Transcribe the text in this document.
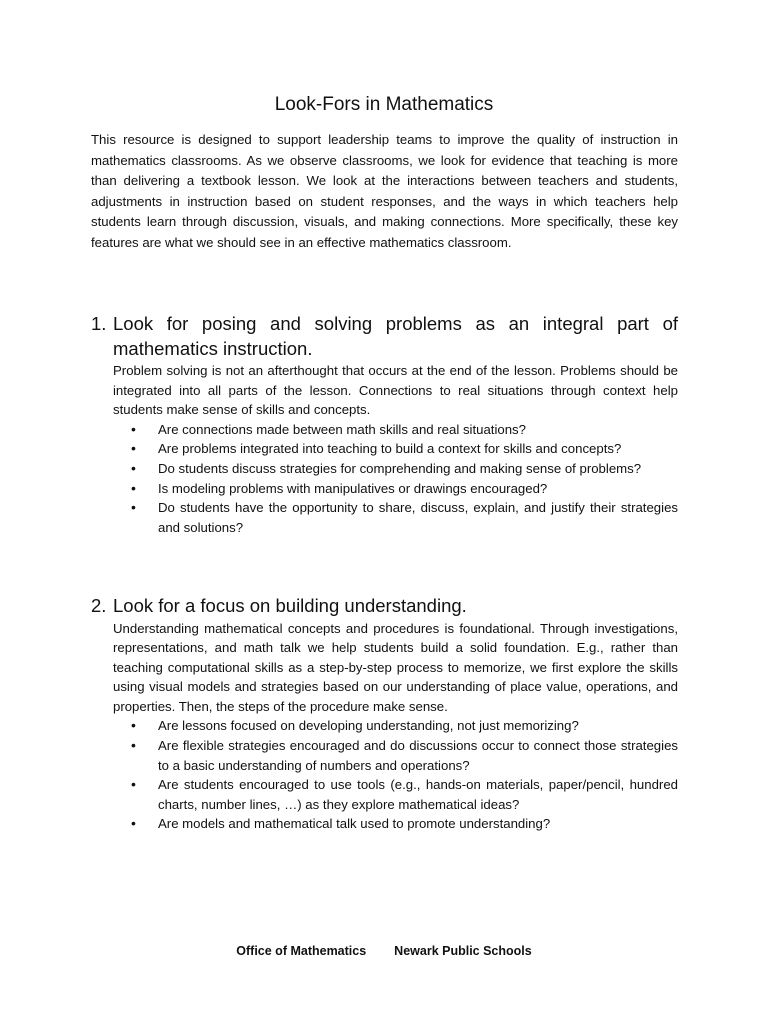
Look-Fors in Mathematics
This resource is designed to support leadership teams to improve the quality of instruction in mathematics classrooms. As we observe classrooms, we look for evidence that teaching is more than delivering a textbook lesson. We look at the interactions between teachers and students, adjustments in instruction based on student responses, and the ways in which teachers help students learn through discussion, visuals, and making connections. More specifically, these key features are what we should see in an effective mathematics classroom.
1. Look for posing and solving problems as an integral part of mathematics instruction.
Problem solving is not an afterthought that occurs at the end of the lesson. Problems should be integrated into all parts of the lesson. Connections to real situations through context help students make sense of skills and concepts.
• Are connections made between math skills and real situations?
• Are problems integrated into teaching to build a context for skills and concepts?
• Do students discuss strategies for comprehending and making sense of problems?
• Is modeling problems with manipulatives or drawings encouraged?
• Do students have the opportunity to share, discuss, explain, and justify their strategies and solutions?
2. Look for a focus on building understanding.
Understanding mathematical concepts and procedures is foundational. Through investigations, representations, and math talk we help students build a solid foundation. E.g., rather than teaching computational skills as a step-by-step process to memorize, we first explore the skills using visual models and strategies based on our understanding of place value, operations, and properties. Then, the steps of the procedure make sense.
• Are lessons focused on developing understanding, not just memorizing?
• Are flexible strategies encouraged and do discussions occur to connect those strategies to a basic understanding of numbers and operations?
• Are students encouraged to use tools (e.g., hands-on materials, paper/pencil, hundred charts, number lines, …) as they explore mathematical ideas?
• Are models and mathematical talk used to promote understanding?
Office of Mathematics Newark Public Schools
